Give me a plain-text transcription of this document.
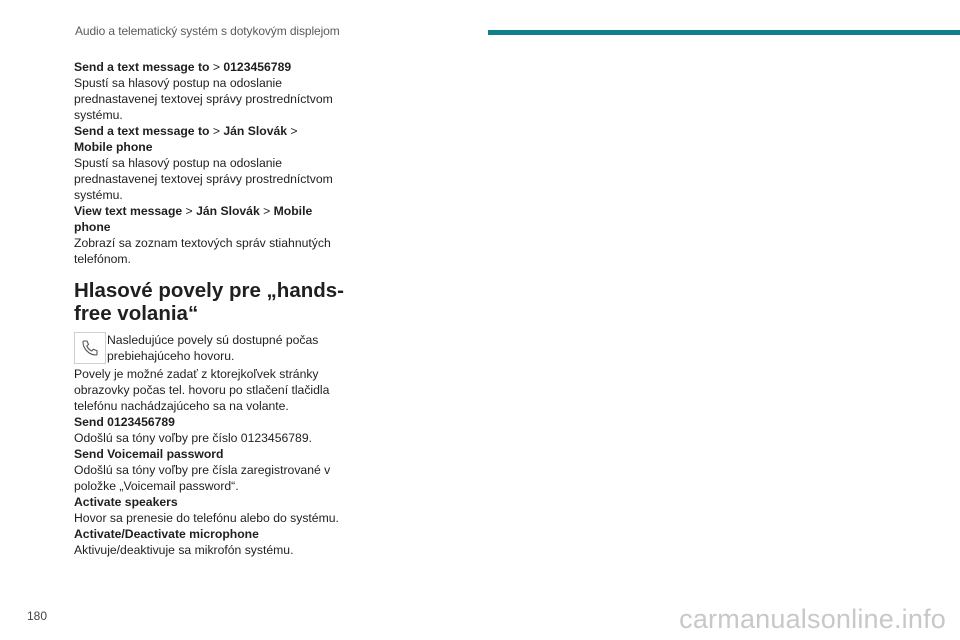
Audio a telematický systém s dotykovým displejom

Send a text message to > 0123456789

Spustí sa hlasový postup na odoslanie prednastavenej textovej správy prostredníctvom systému.

Send a text message to > Ján Slovák >
Mobile phone

Spustí sa hlasový postup na odoslanie prednastavenej textovej správy prostredníctvom systému.

View text message > Ján Slovák > Mobile phone

Zobrazí sa zoznam textových správ stiahnutých telefónom.

Hlasové povely pre „hands-free volania“

Nasledujúce povely sú dostupné počas prebiehajúceho hovoru.

Povely je možné zadať z ktorejkoľvek stránky obrazovky počas tel. hovoru po stlačení tlačidla telefónu nachádzajúceho sa na volante.

Send 0123456789

Odošlú sa tóny voľby pre číslo 0123456789.

Send Voicemail password

Odošlú sa tóny voľby pre čísla zaregistrované v položke „Voicemail password“.

Activate speakers

Hovor sa prenesie do telefónu alebo do systému.

Activate/Deactivate microphone

Aktivuje/deaktivuje sa mikrofón systému.

180	carmanualsonline.info
